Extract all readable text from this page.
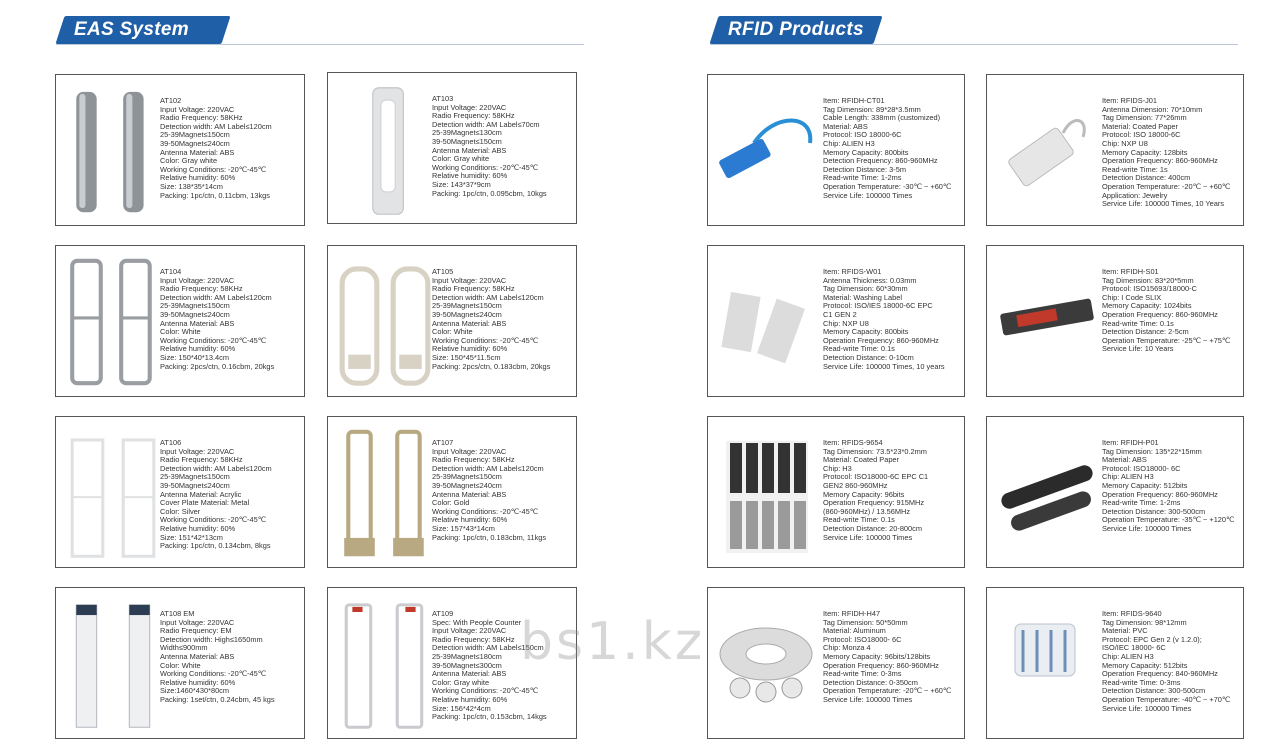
EAS System	RFID Products
AT102
Input Voltage: 220VAC
Radio Frequency: 58KHz
Detection width: AM Label≤120cm
25-39Magnet≤150cm
39-50Magnet≤240cm
Antenna Material: ABS
Color: Gray white
Working Conditions: -20℃-45℃
Relative humidity: 60%
Size: 138*35*14cm
Packing: 1pc/ctn, 0.11cbm, 13kgs
AT103
Input Voltage: 220VAC
Radio Frequency: 58KHz
Detection width: AM Label≤70cm
25-39Magnet≤130cm
39-50Magnet≤150cm
Antenna Material: ABS
Color: Gray white
Working Conditions: -20℃-45℃
Relative humidity: 60%
Size: 143*37*9cm
Packing: 1pc/ctn, 0.095cbm, 10kgs
AT104
Input Voltage: 220VAC
Radio Frequency: 58KHz
Detection width: AM Label≤120cm
25-39Magnet≤150cm
39-50Magnet≤240cm
Antenna Material: ABS
Color: White
Working Conditions: -20℃-45℃
Relative humidity: 60%
Size: 150*40*13.4cm
Packing: 2pcs/ctn, 0.16cbm, 20kgs
AT105
Input Voltage: 220VAC
Radio Frequency: 58KHz
Detection width: AM Label≤120cm
25-39Magnet≤150cm
39-50Magnet≤240cm
Antenna Material: ABS
Color: White
Working Conditions: -20℃-45℃
Relative humidity: 60%
Size: 150*45*11.5cm
Packing: 2pcs/ctn, 0.183cbm, 20kgs
AT106
Input Voltage: 220VAC
Radio Frequency: 58KHz
Detection width: AM Label≤120cm
25-39Magnet≤150cm
39-50Magnet≤240cm
Antenna Material: Acrylic
Cover Plate Material: Metal
Color: Silver
Working Conditions: -20℃-45℃
Relative humidity: 60%
Size: 151*42*13cm
Packing: 1pc/ctn, 0.134cbm, 8kgs
AT107
Input Voltage: 220VAC
Radio Frequency: 58KHz
Detection width: AM Label≤120cm
25-39Magnet≤150cm
39-50Magnet≤240cm
Antenna Material: ABS
Color: Gold
Working Conditions: -20℃-45℃
Relative humidity: 60%
Size: 157*43*14cm
Packing: 1pc/ctn, 0.183cbm, 11kgs
AT108 EM
Input Voltage: 220VAC
Radio Frequency: EM
Detection width: High≤1650mm
Width≤900mm
Antenna Material: ABS
Color: White
Working Conditions: -20℃-45℃
Relative humidity: 60%
Size:1460*430*80cm
Packing: 1set/ctn, 0.24cbm, 45 kgs
AT109
Spec: With People Counter
Input Voltage: 220VAC
Radio Frequency: 58KHz
Detection width: AM Label≤150cm
25-39Magnet≤180cm
39-50Magnet≤300cm
Antenna Material: ABS
Color: Gray white
Working Conditions: -20℃-45℃
Relative humidity: 60%
Size: 156*42*4cm
Packing: 1pc/ctn, 0.153cbm, 14kgs
Item: RFIDH-CT01
Tag Dimension: 89*28*3.5mm
Cable Length: 338mm (customized)
Material: ABS
Protocol: ISO 18000-6C
Chip: ALIEN H3
Memory Capacity: 800bits
Detection Frequency: 860-960MHz
Detection Distance: 3-5m
Read-write Time: 1-2ms
Operation Temperature: -30℃ ~ +60℃
Service Life: 100000 Times
Item: RFIDS-J01
Antenna Dimension: 70*10mm
Tag Dimension: 77*26mm
Material: Coated Paper
Protocol: ISO 18000-6C
Chip: NXP U8
Memory Capacity: 128bits
Operation Frequency: 860-960MHz
Read-write Time: 1s
Detection Distance: 400cm
Operation Temperature: -20℃ ~ +60℃
Application: Jewelry
Service Life: 100000 Times, 10 Years
Item: RFIDS-W01
Antenna Thickness: 0.03mm
Tag Dimension: 60*30mm
Material: Washing Label
Protocol: ISO/IES 18000-6C EPC
C1 GEN 2
Chip: NXP U8
Memory Capacity: 800bits
Operation Frequency: 860-960MHz
Read-write Time: 0.1s
Detection Distance: 0-10cm
Service Life: 100000 Times, 10 years
Item: RFIDH-S01
Tag Dimension: 83*20*5mm
Protocol: ISO15693/18000-C
Chip: I Code SLIX
Memory Capacity: 1024bits
Operation Frequency: 860-960MHz
Read-write Time: 0.1s
Detection Distance: 2-5cm
Operation Temperature: -25℃ ~ +75℃
Service Life: 10 Years
Item: RFIDS-9654
Tag Dimension: 73.5*23*0.2mm
Material: Coated Paper
Chip: H3
Protocol: ISO18000-6C EPC C1
GEN2 860-960MHz
Memory Capacity: 96bits
Operation Frequency: 915MHz
(860-960MHz) / 13.56MHz
Read-write Time: 0.1s
Detection Distance: 20-800cm
Service Life: 100000 Times
Item: RFIDH-P01
Tag Dimension: 135*22*15mm
Material: ABS
Protocol: ISO18000- 6C
Chip: ALIEN H3
Memory Capacity: 512bits
Operation Frequency: 860-960MHz
Read-write Time: 1-2ms
Detection Distance: 300-500cm
Operation Temperature: -35℃ ~ +120℃
Service Life: 100000 Times
Item: RFIDH-H47
Tag Dimension: 50*50mm
Material: Aluminum
Protocol: ISO18000- 6C
Chip: Monza 4
Memory Capacity: 96bits/128bits
Operation Frequency: 860-960MHz
Read-write Time: 0-3ms
Detection Distance: 0-350cm
Operation Temperature: -20℃ ~ +60℃
Service Life: 100000 Times
Item: RFIDS-9640
Tag Dimension: 98*12mm
Material: PVC
Protocol: EPC Gen 2 (v 1.2.0);
ISO/IEC 18000- 6C
Chip: ALIEN H3
Memory Capacity: 512bits
Operation Frequency: 840-960MHz
Read-write Time: 0-3ms
Detection Distance: 300-500cm
Operation Temperature: -40℃ ~ +70℃
Service Life: 100000 Times
bs1.kz
